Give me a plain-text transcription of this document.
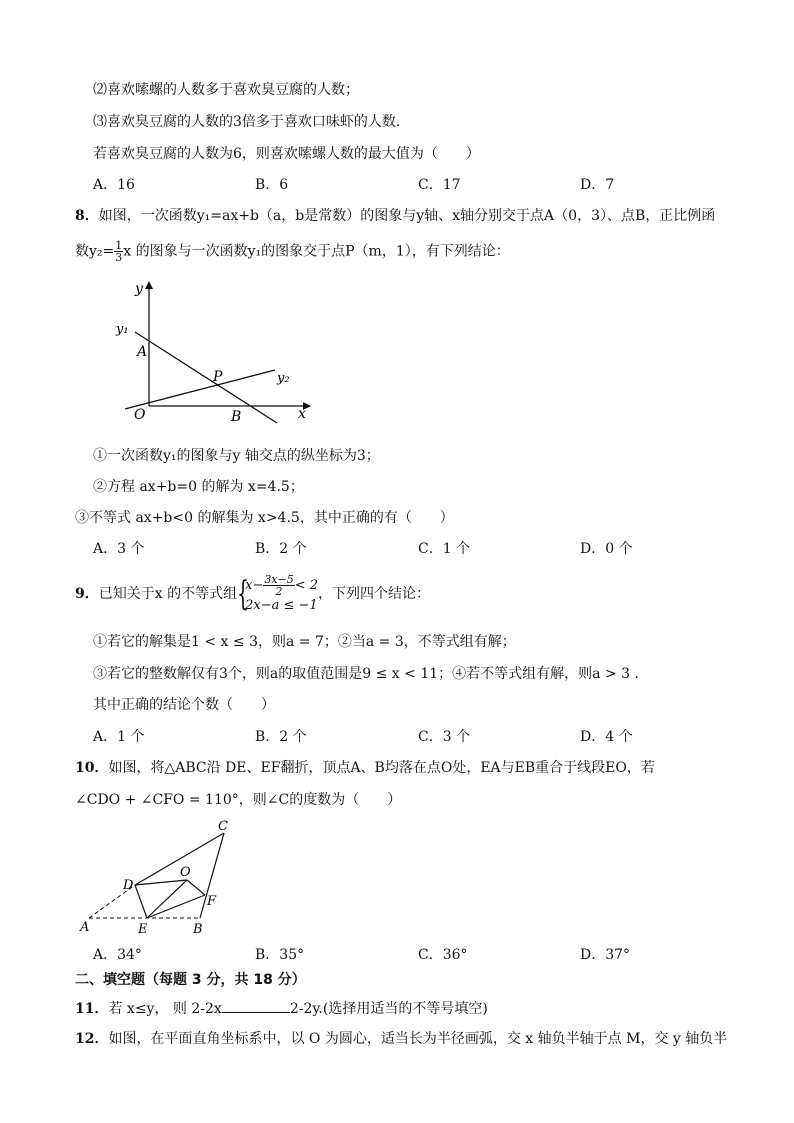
⑵喜欢嗦螺的人数多于喜欢臭豆腐的人数；
⑶喜欢臭豆腐的人数的3倍多于喜欢口味虾的人数．
若喜欢臭豆腐的人数为6，则喜欢嗦螺人数的最大值为（　　）
A．16	B．6	C．17	D．7
8．如图，一次函数y₁=ax+b（a，b是常数）的图象与y轴、x轴分别交于点A（0，3）、点B，正比例函
数$y_2= \frac{1}{3}$ x 的图象与一次函数y₁的图象交于点P（m，1），有下列结论：
y
x
y₁
y₂
A
P
O	B
①一次函数y₁的图象与y 轴交点的纵坐标为3；
②方程 ax+b=0 的解为 x=4.5；
③不等式 ax+b<0 的解集为 x>4.5，其中正确的有（　　）
A．3 个	B．2 个	C．1 个	D．0 个
9．已知关于x 的不等式组 {
$x- \frac{3x-5}{2} < 2$
2x−a ≤ −1
，下列四个结论：
①若它的解集是1 < x ≤ 3，则a = 7；②当a = 3，不等式组有解；
③若它的整数解仅有3个，则a的取值范围是9 ≤ x < 11；④若不等式组有解，则a > 3 .
其中正确的结论个数（　　）
A．1 个	B．2 个	C．3 个	D．4 个
10．如图，将△ABC沿 DE、EF翻折，顶点A、B均落在点O处，EA与EB重合于线段EO，若
∠CDO + ∠CFO = 110°，则∠C的度数为（　　）
C
O
D
F
A	E	B
A．34°	B．35°	C．36°	D．37°
二、填空题（每题 3 分，共 18 分）
11．若 x≤y， 则 2-2x	2-2y.(选择用适当的不等号填空)
12．如图，在平面直角坐标系中，以 O 为圆心，适当长为半径画弧，交 x 轴负半轴于点 M，交 y 轴负半
